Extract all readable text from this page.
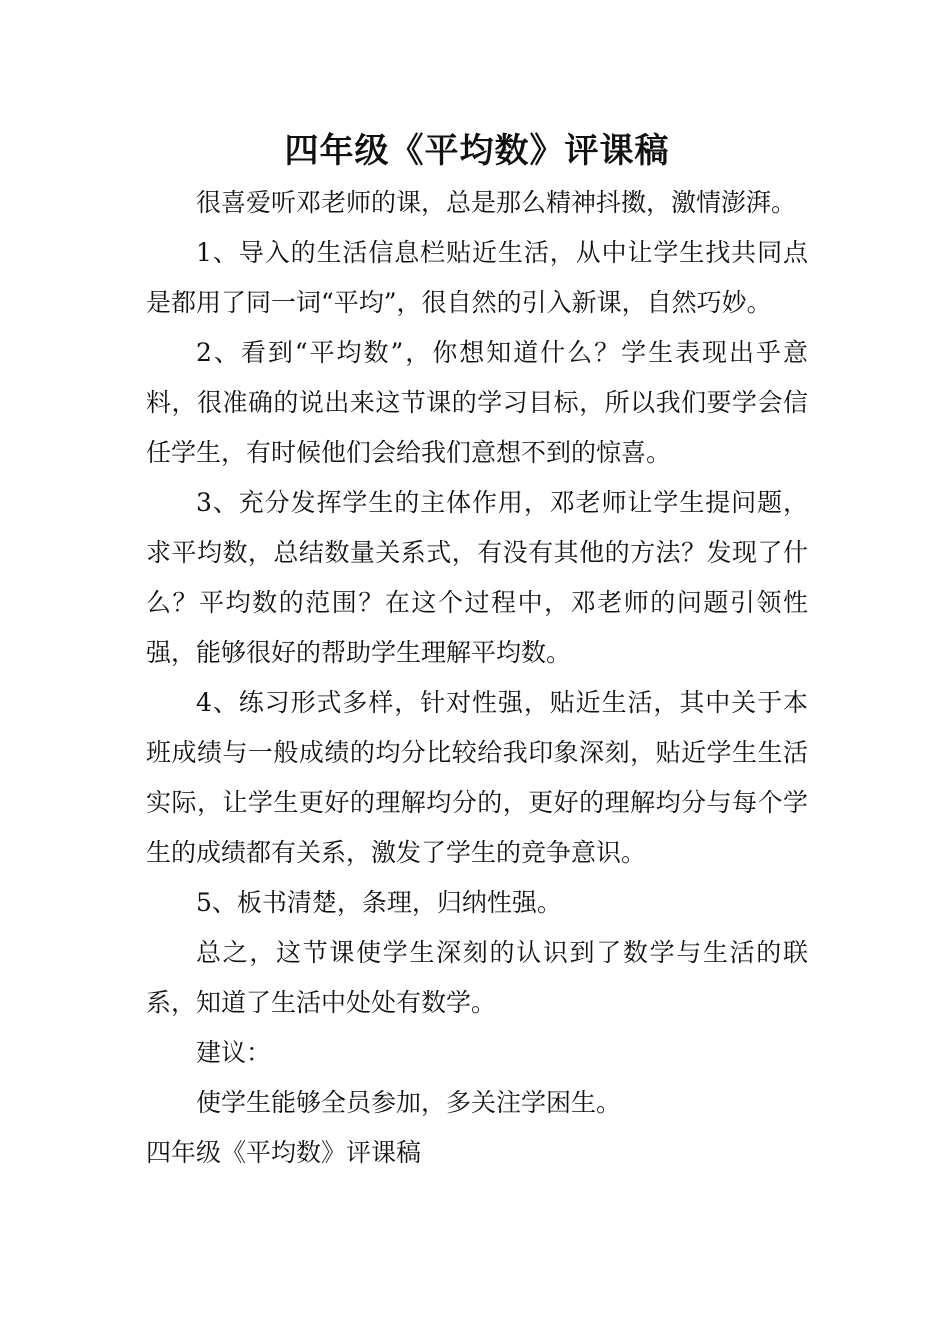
四年级《平均数》评课稿

很喜爱听邓老师的课，总是那么精神抖擞，激情澎湃。

1、导入的生活信息栏贴近生活，从中让学生找共同点是都用了同一词“平均”，很自然的引入新课，自然巧妙。

2、看到“平均数”，你想知道什么？学生表现出乎意料，很准确的说出来这节课的学习目标，所以我们要学会信任学生，有时候他们会给我们意想不到的惊喜。

3、充分发挥学生的主体作用，邓老师让学生提问题，求平均数，总结数量关系式，有没有其他的方法？发现了什么？平均数的范围？在这个过程中，邓老师的问题引领性强，能够很好的帮助学生理解平均数。

4、练习形式多样，针对性强，贴近生活，其中关于本班成绩与一般成绩的均分比较给我印象深刻，贴近学生生活实际，让学生更好的理解均分的，更好的理解均分与每个学生的成绩都有关系，激发了学生的竞争意识。

5、板书清楚，条理，归纳性强。

总之，这节课使学生深刻的认识到了数学与生活的联系，知道了生活中处处有数学。

建议：

使学生能够全员参加，多关注学困生。

四年级《平均数》评课稿
